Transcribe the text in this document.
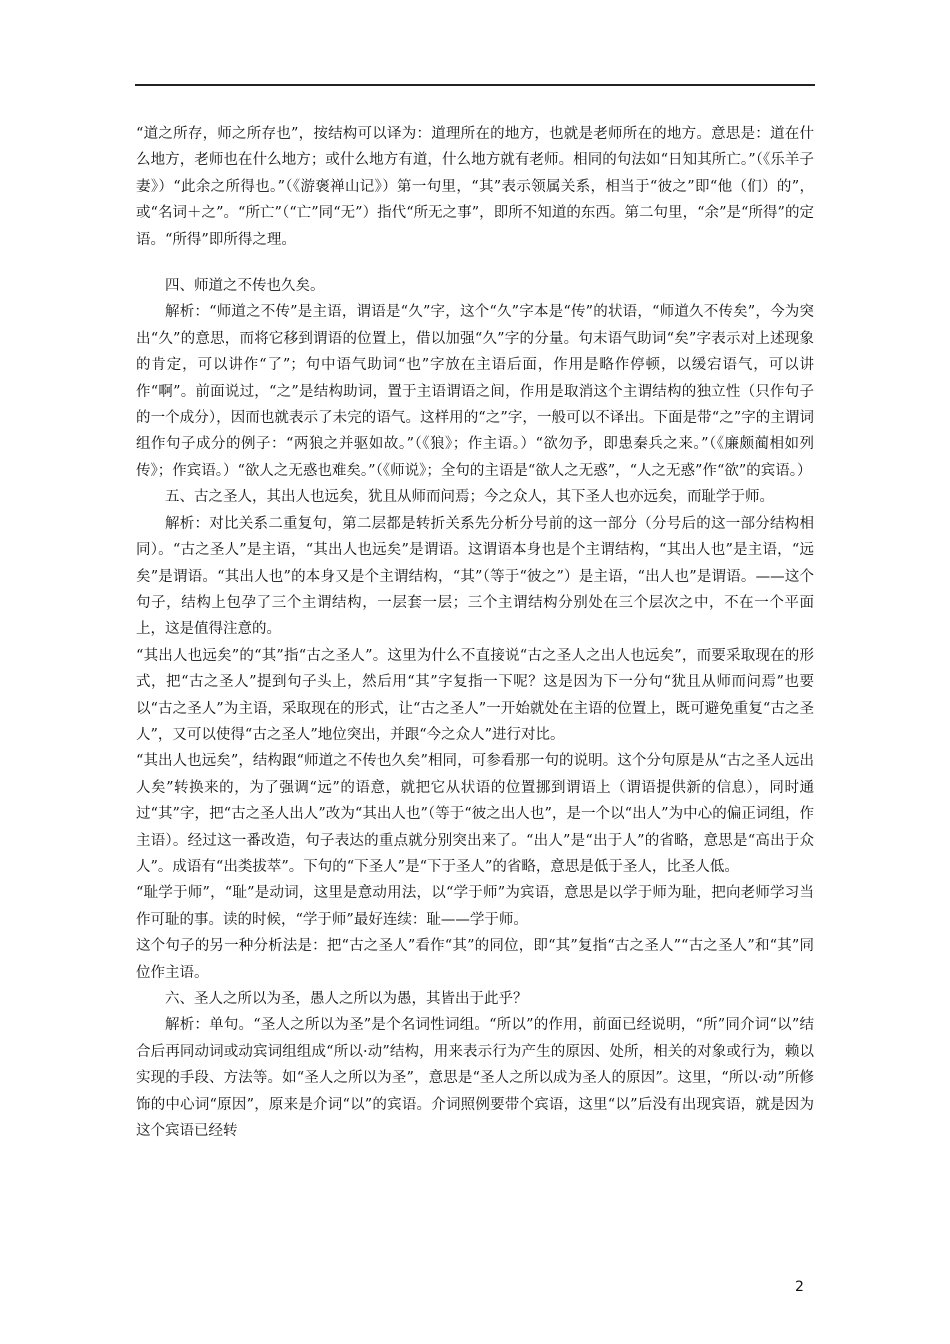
“道之所存，师之所存也”，按结构可以译为：道理所在的地方，也就是老师所在的地方。意思是：道在什么地方，老师也在什么地方；或什么地方有道，什么地方就有老师。相同的句法如“日知其所亡。”（《乐羊子妻》）“此余之所得也。”（《游褒禅山记》）第一句里，“其”表示领属关系，相当于“彼之”即“他（们）的”，或“名词＋之”。“所亡”（“亡”同“无”）指代“所无之事”，即所不知道的东西。第二句里，“余”是“所得”的定语。“所得”即所得之理。

四、师道之不传也久矣。

解析：“师道之不传”是主语，谓语是“久”字，这个“久”字本是“传”的状语，“师道久不传矣”，今为突出“久”的意思，而将它移到谓语的位置上，借以加强“久”字的分量。句末语气助词“矣”字表示对上述现象的肯定，可以讲作“了”；句中语气助词“也”字放在主语后面，作用是略作停顿，以缓宕语气，可以讲作“啊”。前面说过，“之”是结构助词，置于主语谓语之间，作用是取消这个主谓结构的独立性（只作句子的一个成分），因而也就表示了未完的语气。这样用的“之”字，一般可以不译出。下面是带“之”字的主谓词组作句子成分的例子：“两狼之并驱如故。”（《狼》；作主语。）“欲勿予，即患秦兵之来。”（《廉颇蔺相如列传》；作宾语。）“欲人之无惑也难矣。”（《师说》；全句的主语是“欲人之无惑”，“人之无惑”作“欲”的宾语。）

五、古之圣人，其出人也远矣，犹且从师而问焉；今之众人，其下圣人也亦远矣，而耻学于师。

解析：对比关系二重复句，第二层都是转折关系先分析分号前的这一部分（分号后的这一部分结构相同）。“古之圣人”是主语，“其出人也远矣”是谓语。这谓语本身也是个主谓结构，“其出人也”是主语，“远矣”是谓语。“其出人也”的本身又是个主谓结构，“其”（等于“彼之”）是主语，“出人也”是谓语。——这个句子，结构上包孕了三个主谓结构，一层套一层；三个主谓结构分别处在三个层次之中，不在一个平面上，这是值得注意的。

“其出人也远矣”的“其”指“古之圣人”。这里为什么不直接说“古之圣人之出人也远矣”，而要采取现在的形式，把“古之圣人”提到句子头上，然后用“其”字复指一下呢？这是因为下一分句“犹且从师而问焉”也要以“古之圣人”为主语，采取现在的形式，让“古之圣人”一开始就处在主语的位置上，既可避免重复“古之圣人”，又可以使得“古之圣人”地位突出，并跟“今之众人”进行对比。

“其出人也远矣”，结构跟“师道之不传也久矣”相同，可参看那一句的说明。这个分句原是从“古之圣人远出人矣”转换来的，为了强调“远”的语意，就把它从状语的位置挪到谓语上（谓语提供新的信息），同时通过“其”字，把“古之圣人出人”改为“其出人也”（等于“彼之出人也”，是一个以“出人”为中心的偏正词组，作主语）。经过这一番改造，句子表达的重点就分别突出来了。“出人”是“出于人”的省略，意思是“高出于众人”。成语有“出类拔萃”。下句的“下圣人”是“下于圣人”的省略，意思是低于圣人，比圣人低。

“耻学于师”，“耻”是动词，这里是意动用法，以“学于师”为宾语，意思是以学于师为耻，把向老师学习当作可耻的事。读的时候，“学于师”最好连续：耻——学于师。

这个句子的另一种分析法是：把“古之圣人”看作“其”的同位，即“其”复指“古之圣人”“古之圣人”和“其”同位作主语。

六、圣人之所以为圣，愚人之所以为愚，其皆出于此乎？

解析：单句。“圣人之所以为圣”是个名词性词组。“所以”的作用，前面已经说明，“所”同介词“以”结合后再同动词或动宾词组组成“所以·动”结构，用来表示行为产生的原因、处所，相关的对象或行为，赖以实现的手段、方法等。如“圣人之所以为圣”，意思是“圣人之所以成为圣人的原因”。这里，“所以·动”所修饰的中心词“原因”，原来是介词“以”的宾语。介词照例要带个宾语，这里“以”后没有出现宾语，就是因为这个宾语已经转

2
